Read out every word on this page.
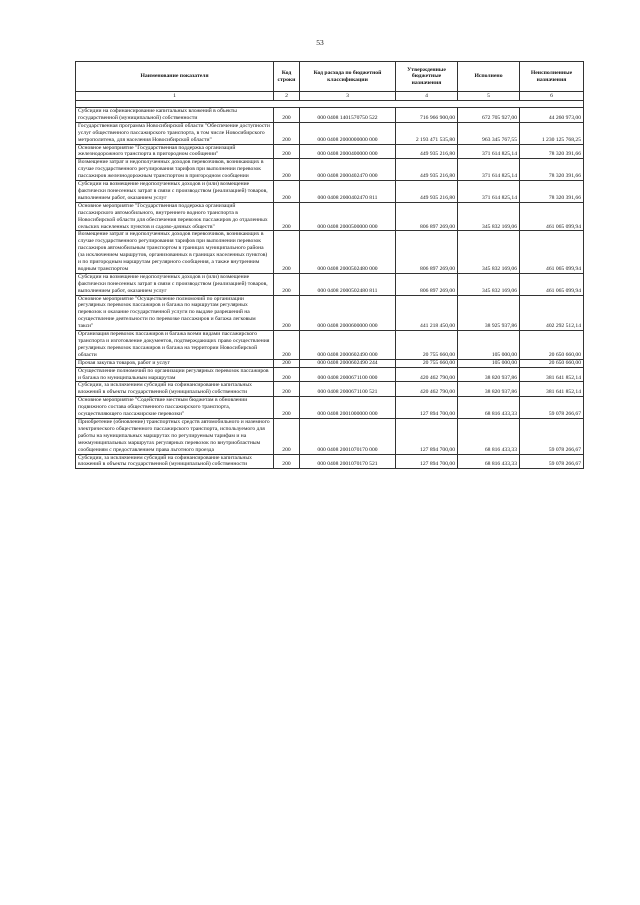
53
Наименование показателя	Код строки	Код расхода по бюджетной классификации	Утвержденные бюджетные назначения	Исполнено	Неисполненные назначения
1	2	3	4	5	6

Субсидии на софинансирование капитальных вложений в объекты государственной (муниципальной) собственности	200	000 0408 1401570750 522	716 966 900,00	672 705 927,00	44 260 973,00
Государственная программа Новосибирской области "Обеспечение доступности услуг общественного пассажирского транспорта, в том числе Новосибирского метрополитена, для населения Новосибирской области"	200	000 0408 2000000000 000	2 193 471 535,80	963 345 767,55	1 230 125 768,25
Основное мероприятие "Государственная поддержка организаций железнодорожного транспорта в пригородном сообщении"	200	000 0408 2000400000 000	449 935 216,80	371 614 825,14	78 320 391,66
Возмещение затрат и недополученных доходов перевозчиков, возникающих в случае государственного регулирования тарифов при выполнении перевозок пассажиров железнодорожным транспортом в пригородном сообщении	200	000 0408 2000402470 000	449 935 216,80	371 614 825,14	78 320 391,66
Субсидии на возмещение недополученных доходов и (или) возмещение фактически понесенных затрат в связи с производством (реализацией) товаров, выполнением работ, оказанием услуг	200	000 0408 2000402470 811	449 935 216,80	371 614 825,14	78 320 391,66
Основное мероприятие "Государственная поддержка организаций пассажирского автомобильного, внутреннего водного транспорта в Новосибирской области для обеспечения перевозок пассажиров до отдаленных сельских населенных пунктов и садово-дачных обществ"	200	000 0408 2000500000 000	806 897 269,00	345 832 169,06	461 065 099,94
Возмещение затрат и недополученных доходов перевозчиков, возникающих в случае государственного регулирования тарифов при выполнении перевозок пассажиров автомобильным транспортом в границах муниципального района (за исключением маршрутов, организованных в границах населенных пунктов) и по пригородным маршрутам регулярного сообщения, а также внутренним водным транспортом	200	000 0408 2000502480 000	806 897 269,00	345 832 169,06	461 065 099,94
Субсидии на возмещение недополученных доходов и (или) возмещение фактически понесенных затрат в связи с производством (реализацией) товаров, выполнением работ, оказанием услуг	200	000 0408 2000502480 811	806 897 269,00	345 832 169,06	461 065 099,94
Основное мероприятие "Осуществление полномочий по организации регулярных перевозок пассажиров и багажа по маршрутам регулярных перевозок и оказание государственной услуги по выдаче разрешений на осуществление деятельности по перевозке пассажиров и багажа легковым такси"	200	000 0408 2000600000 000	441 218 450,00	38 925 937,86	402 292 512,14
Организация перевозок пассажиров и багажа всеми видами пассажирского транспорта и изготовление документов, подтверждающих право осуществления регулярных перевозок пассажиров и багажа на территории Новосибирской области	200	000 0408 2000602490 000	20 755 660,00	105 000,00	20 650 660,00
Прочая закупка товаров, работ и услуг	200	000 0408 2000602490 244	20 755 660,00	105 000,00	20 650 660,00
Осуществление полномочий по организации регулярных перевозок пассажиров и багажа по муниципальным маршрутам	200	000 0408 2000671100 000	420 462 790,00	38 820 937,86	381 641 852,14
Субсидии, за исключением субсидий на софинансирование капитальных вложений в объекты государственной (муниципальной) собственности	200	000 0408 2000671100 521	420 462 790,00	38 820 937,86	381 641 852,14
Основное мероприятие "Содействие местным бюджетам в обновлении подвижного состава общественного пассажирского транспорта, осуществляющего пассажирские перевозки"	200	000 0408 2001000000 000	127 894 700,00	68 816 433,33	59 078 266,67
Приобретение (обновление) транспортных средств автомобильного и наземного электрического общественного пассажирского транспорта, используемого для работы на муниципальных маршрутах по регулируемым тарифам и на межмуниципальных маршрутах регулярных перевозок по внутриобластным сообщениям с предоставлением права льготного проезда	200	000 0408 2001070170 000	127 894 700,00	68 816 433,33	59 078 266,67
Субсидии, за исключением субсидий на софинансирование капитальных вложений в объекты государственной (муниципальной) собственности	200	000 0408 2001070170 521	127 894 700,00	68 816 433,33	59 078 266,67
